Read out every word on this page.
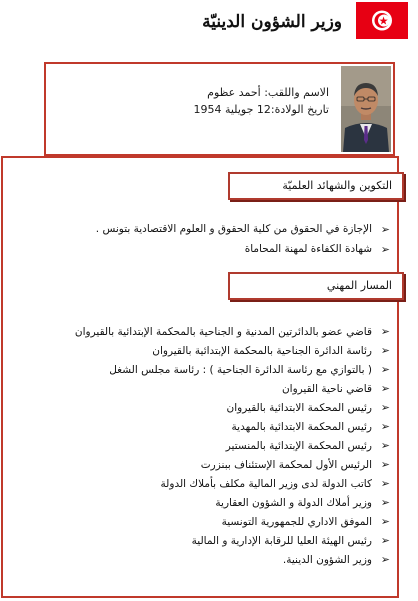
وزير الشؤون الدينيّة
الاسم واللقب: أحمد عظوم
تاريخ الولادة:12 جويلية 1954
التكوين والشهائد العلميّة
➢
الإجازة في الحقوق من كلية الحقوق و العلوم الاقتصادية بتونس .
➢
شهادة الكفاءة لمهنة المحاماة
المسار المهني
➢
قاضي عضو بالدائرتين المدنية و الجناحية بالمحكمة الإبتدائية بالقيروان
➢
رئاسة الدائرة الجناحية بالمحكمة الإبتدائية بالقيروان
➢
( بالتوازي مع رئاسة الدائرة الجناحية ) : رئاسة مجلس الشغل
➢
قاضي ناحية القيروان
➢
رئيس المحكمة الابتدائية بالقيروان
➢
رئيس المحكمة الابتدائية بالمهدية
➢
رئيس المحكمة الإبتدائية بالمنستير
➢
الرئيس الأول لمحكمة الإستئناف ببنزرت
➢
كاتب الدولة لدى وزير المالية مكلف بأملاك الدولة
➢
وزير أملاك الدولة و الشؤون العقارية
➢
الموفق الاداري للجمهورية التونسية
➢
رئيس الهيئة العليا للرقابة الإدارية و المالية
➢
وزير الشؤون الدينية.
